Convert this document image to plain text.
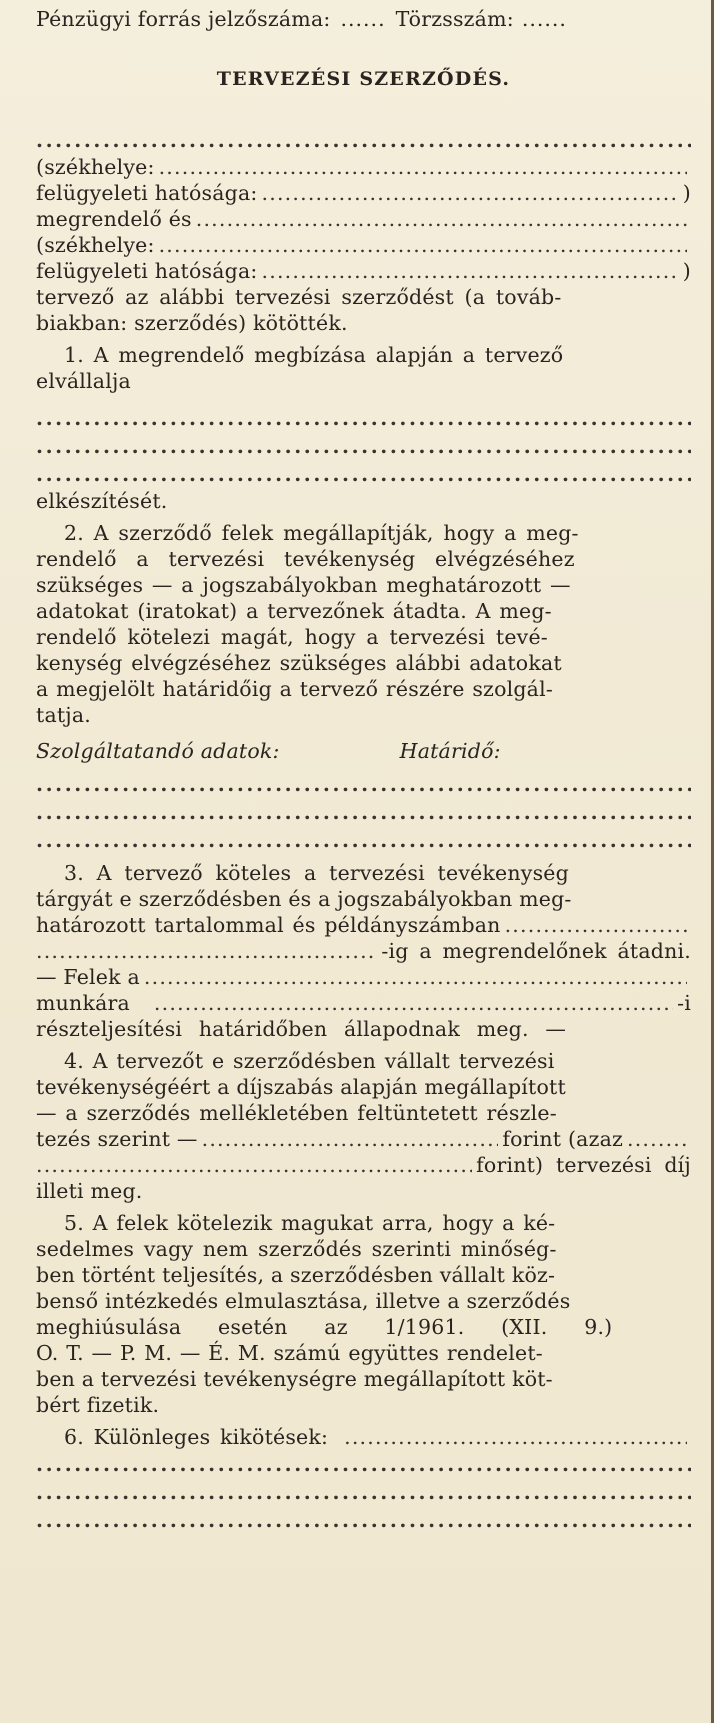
Pénzügyi forrás jelzőszáma: ...... Törzsszám: ......
TERVEZÉSI SZERZŐDÉS.
.....
(székhelye:
.....
felügyeleti hatósága: .....	)
megrendelő és
.....
(székhelye:
.....
felügyeleti hatósága: .....	)
tervező az alábbi tervezési szerződést (a továb-
biakban: szerződés) kötötték.
1. A megrendelő megbízása alapján a tervező
elvállalja
.....
.....
.....
elkészítését.
2. A szerződő felek megállapítják, hogy a meg-
rendelő a tervezési tevékenység elvégzéséhez
szükséges — a jogszabályokban meghatározott —
adatokat (iratokat) a tervezőnek átadta. A meg-
rendelő kötelezi magát, hogy a tervezési tevé-
kenység elvégzéséhez szükséges alábbi adatokat
a megjelölt határidőig a tervező részére szolgál-
tatja.
Szolgáltatandó adatok:	Határidő:
.....
.....
.....
3. A tervező köteles a tervezési tevékenység
tárgyát e szerződésben és a jogszabályokban meg-
határozott tartalommal és példányszámban
.....
.....
-ig a megrendelőnek átadni.
— Felek a
.....
munkára .....	-i
részteljesítési határidőben állapodnak meg. —
4. A tervezőt e szerződésben vállalt tervezési
tevékenységéért a díjszabás alapján megállapított
— a szerződés mellékletében feltüntetett részle-
tezés szerint — .....	forint (azaz
.....
.....
forint) tervezési díj
illeti meg.
5. A felek kötelezik magukat arra, hogy a ké-
sedelmes vagy nem szerződés szerinti minőség-
ben történt teljesítés, a szerződésben vállalt köz-
benső intézkedés elmulasztása, illetve a szerződés
meghiúsulása esetén az 1/1961. (XII. 9.)
O. T. — P. M. — É. M. számú együttes rendelet-
ben a tervezési tevékenységre megállapított köt-
bért fizetik.
6. Különleges kikötések:
.....
.....
.....
.....
